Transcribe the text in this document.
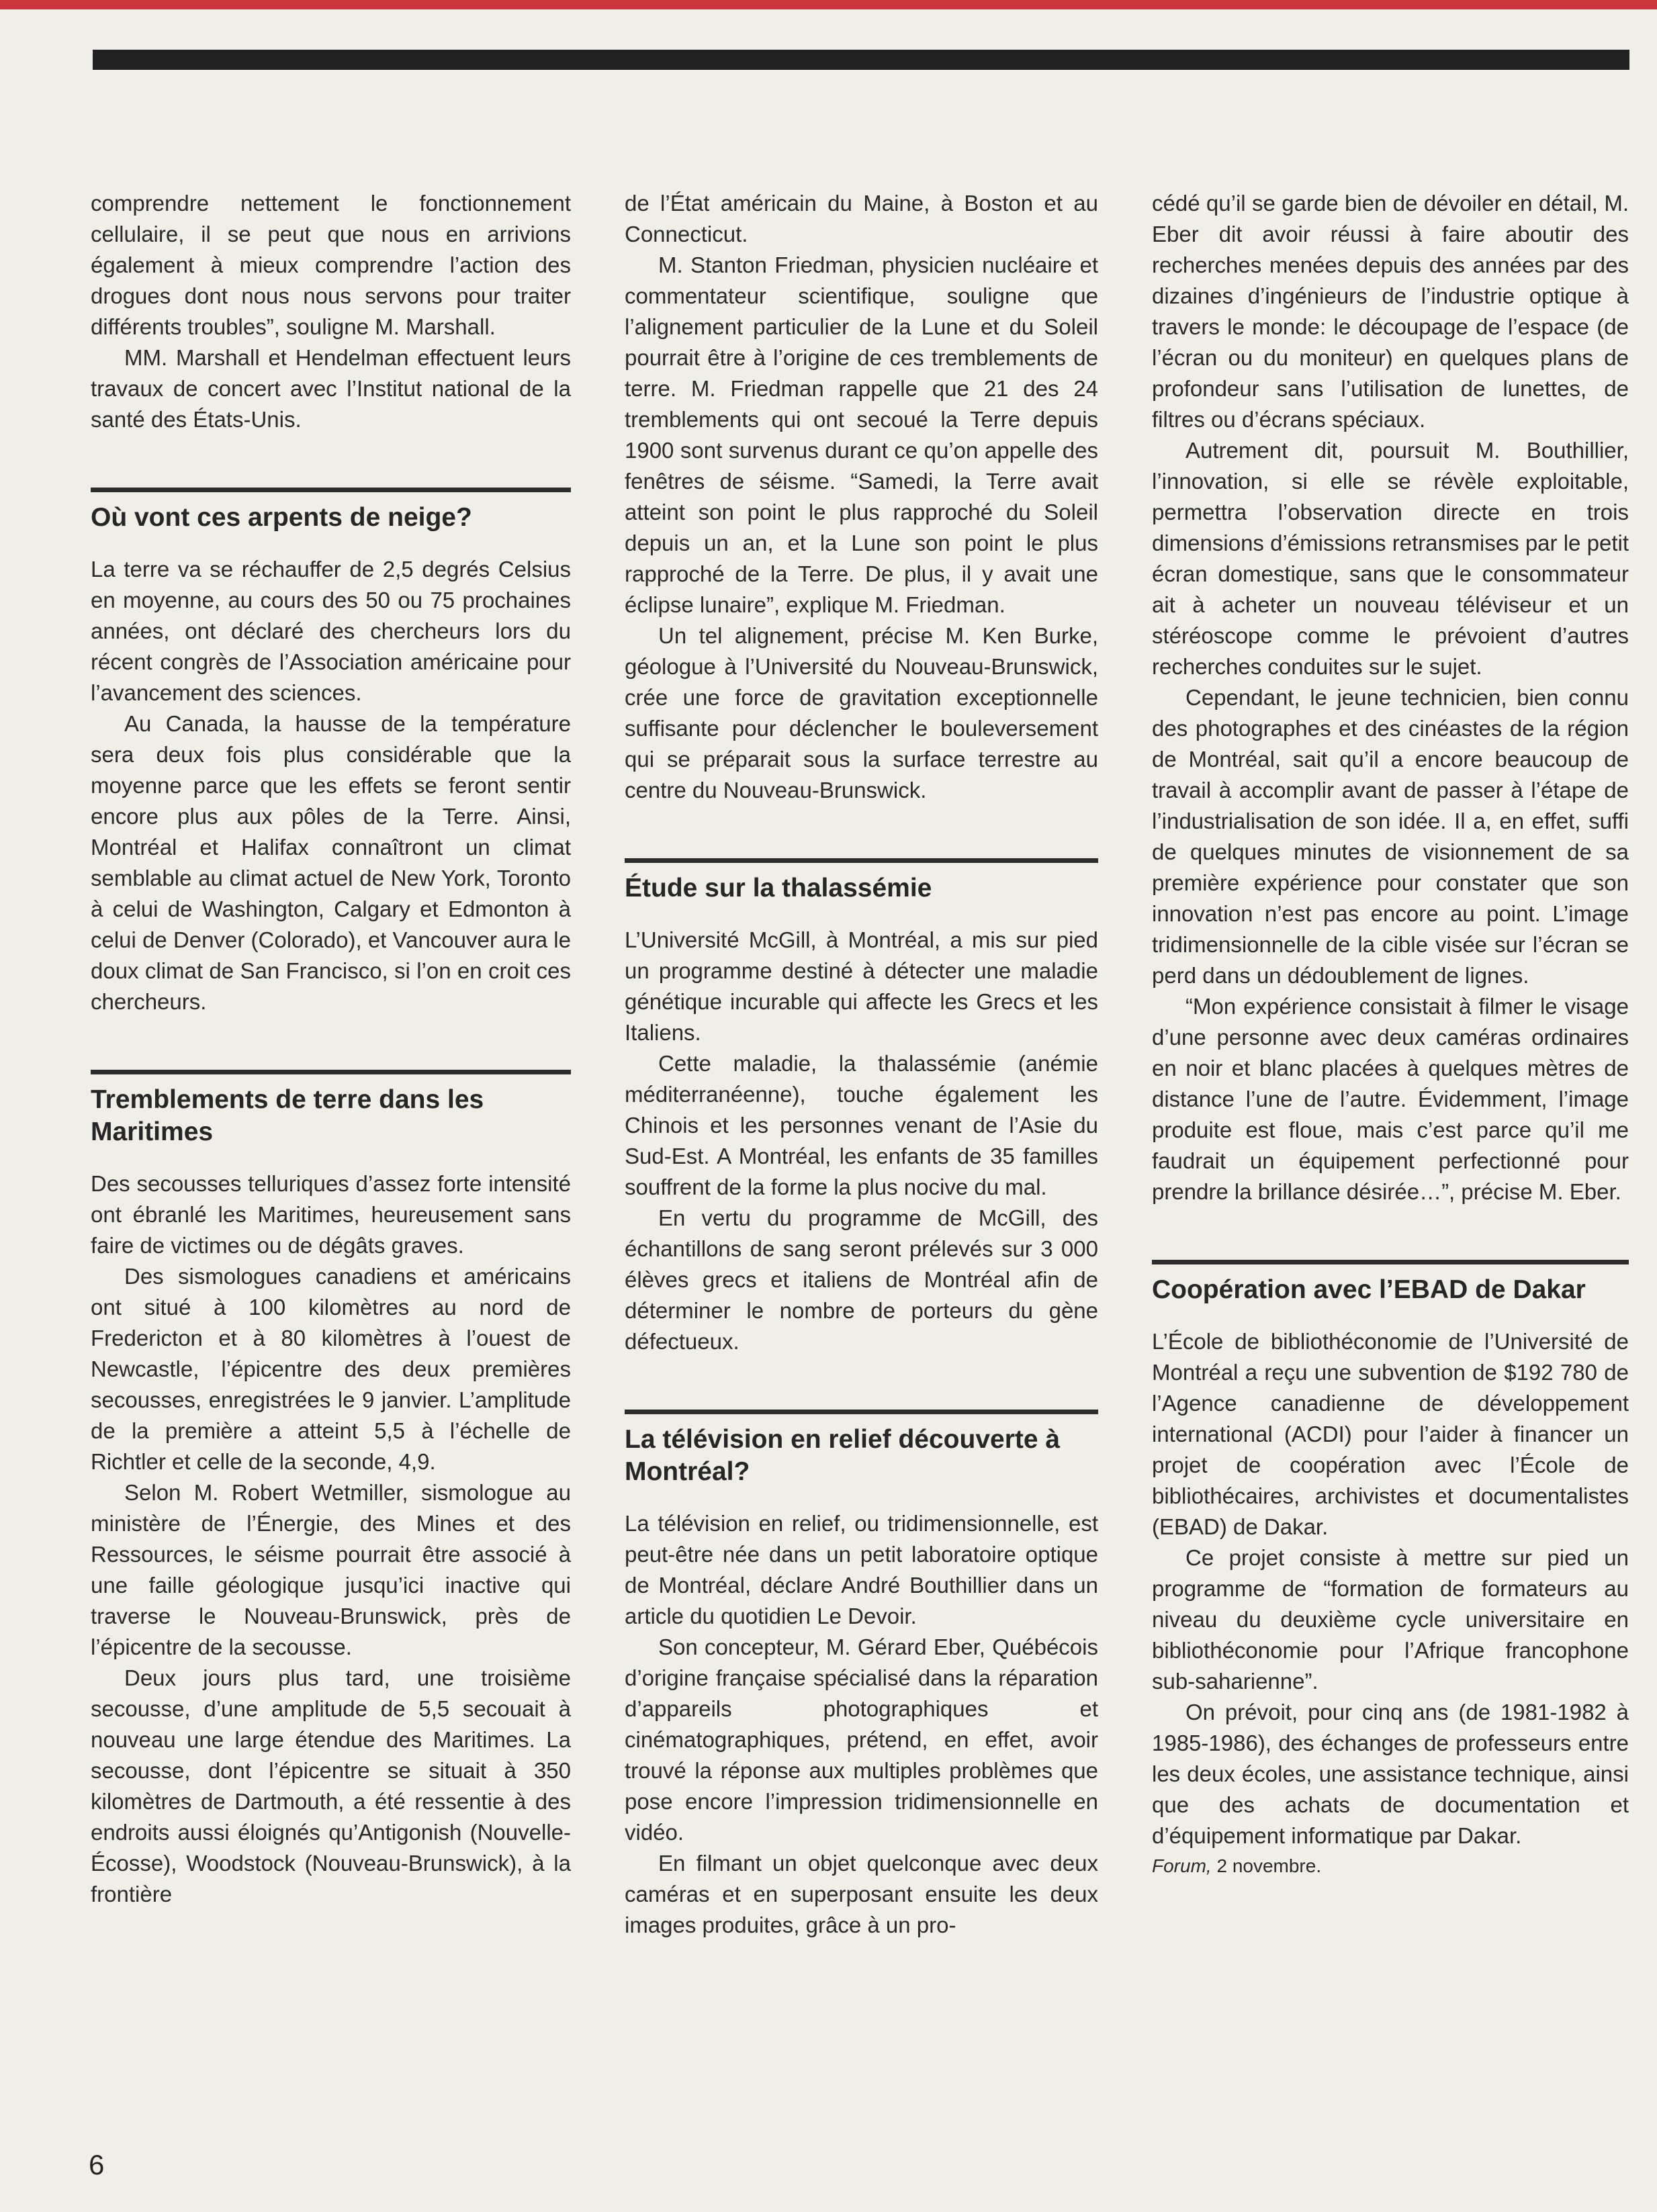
comprendre nettement le fonctionnement cellulaire, il se peut que nous en arrivions également à mieux comprendre l’action des drogues dont nous nous servons pour traiter différents troubles”, souligne M. Marshall.

MM. Marshall et Hendelman effectuent leurs travaux de concert avec l’Institut national de la santé des États-Unis.

Où vont ces arpents de neige?

La terre va se réchauffer de 2,5 degrés Celsius en moyenne, au cours des 50 ou 75 prochaines années, ont déclaré des chercheurs lors du récent congrès de l’Association américaine pour l’avancement des sciences.

Au Canada, la hausse de la température sera deux fois plus considérable que la moyenne parce que les effets se feront sentir encore plus aux pôles de la Terre. Ainsi, Montréal et Halifax connaîtront un climat semblable au climat actuel de New York, Toronto à celui de Washington, Calgary et Edmonton à celui de Denver (Colorado), et Vancouver aura le doux climat de San Francisco, si l’on en croit ces chercheurs.

Tremblements de terre dans les Maritimes

Des secousses telluriques d’assez forte intensité ont ébranlé les Maritimes, heureusement sans faire de victimes ou de dégâts graves.

Des sismologues canadiens et américains ont situé à 100 kilomètres au nord de Fredericton et à 80 kilomètres à l’ouest de Newcastle, l’épicentre des deux premières secousses, enregistrées le 9 janvier. L’amplitude de la première a atteint 5,5 à l’échelle de Richtler et celle de la seconde, 4,9.

Selon M. Robert Wetmiller, sismologue au ministère de l’Énergie, des Mines et des Ressources, le séisme pourrait être associé à une faille géologique jusqu’ici inactive qui traverse le Nouveau-Brunswick, près de l’épicentre de la secousse.

Deux jours plus tard, une troisième secousse, d’une amplitude de 5,5 secouait à nouveau une large étendue des Maritimes. La secousse, dont l’épicentre se situait à 350 kilomètres de Dartmouth, a été ressentie à des endroits aussi éloignés qu’Antigonish (Nouvelle-Écosse), Woodstock (Nouveau-Brunswick), à la frontière

de l’État américain du Maine, à Boston et au Connecticut.

M. Stanton Friedman, physicien nucléaire et commentateur scientifique, souligne que l’alignement particulier de la Lune et du Soleil pourrait être à l’origine de ces tremblements de terre. M. Friedman rappelle que 21 des 24 tremblements qui ont secoué la Terre depuis 1900 sont survenus durant ce qu’on appelle des fenêtres de séisme. “Samedi, la Terre avait atteint son point le plus rapproché du Soleil depuis un an, et la Lune son point le plus rapproché de la Terre. De plus, il y avait une éclipse lunaire”, explique M. Friedman.

Un tel alignement, précise M. Ken Burke, géologue à l’Université du Nouveau-Brunswick, crée une force de gravitation exceptionnelle suffisante pour déclencher le bouleversement qui se préparait sous la surface terrestre au centre du Nouveau-Brunswick.

Étude sur la thalassémie

L’Université McGill, à Montréal, a mis sur pied un programme destiné à détecter une maladie génétique incurable qui affecte les Grecs et les Italiens.

Cette maladie, la thalassémie (anémie méditerranéenne), touche également les Chinois et les personnes venant de l’Asie du Sud-Est. A Montréal, les enfants de 35 familles souffrent de la forme la plus nocive du mal.

En vertu du programme de McGill, des échantillons de sang seront prélevés sur 3 000 élèves grecs et italiens de Montréal afin de déterminer le nombre de porteurs du gène défectueux.

La télévision en relief découverte à Montréal?

La télévision en relief, ou tridimensionnelle, est peut-être née dans un petit laboratoire optique de Montréal, déclare André Bouthillier dans un article du quotidien Le Devoir.

Son concepteur, M. Gérard Eber, Québécois d’origine française spécialisé dans la réparation d’appareils photographiques et cinématographiques, prétend, en effet, avoir trouvé la réponse aux multiples problèmes que pose encore l’impression tridimensionnelle en vidéo.

En filmant un objet quelconque avec deux caméras et en superposant ensuite les deux images produites, grâce à un pro-

cédé qu’il se garde bien de dévoiler en détail, M. Eber dit avoir réussi à faire aboutir des recherches menées depuis des années par des dizaines d’ingénieurs de l’industrie optique à travers le monde: le découpage de l’espace (de l’écran ou du moniteur) en quelques plans de profondeur sans l’utilisation de lunettes, de filtres ou d’écrans spéciaux.

Autrement dit, poursuit M. Bouthillier, l’innovation, si elle se révèle exploitable, permettra l’observation directe en trois dimensions d’émissions retransmises par le petit écran domestique, sans que le consommateur ait à acheter un nouveau téléviseur et un stéréoscope comme le prévoient d’autres recherches conduites sur le sujet.

Cependant, le jeune technicien, bien connu des photographes et des cinéastes de la région de Montréal, sait qu’il a encore beaucoup de travail à accomplir avant de passer à l’étape de l’industrialisation de son idée. Il a, en effet, suffi de quelques minutes de visionnement de sa première expérience pour constater que son innovation n’est pas encore au point. L’image tridimensionnelle de la cible visée sur l’écran se perd dans un dédoublement de lignes.

“Mon expérience consistait à filmer le visage d’une personne avec deux caméras ordinaires en noir et blanc placées à quelques mètres de distance l’une de l’autre. Évidemment, l’image produite est floue, mais c’est parce qu’il me faudrait un équipement perfectionné pour prendre la brillance désirée…”, précise M. Eber.

Coopération avec l’EBAD de Dakar

L’École de bibliothéconomie de l’Université de Montréal a reçu une subvention de $192 780 de l’Agence canadienne de développement international (ACDI) pour l’aider à financer un projet de coopération avec l’École de bibliothécaires, archivistes et documentalistes (EBAD) de Dakar.

Ce projet consiste à mettre sur pied un programme de “formation de formateurs au niveau du deuxième cycle universitaire en bibliothéconomie pour l’Afrique francophone sub-saharienne”.

On prévoit, pour cinq ans (de 1981-1982 à 1985-1986), des échanges de professeurs entre les deux écoles, une assistance technique, ainsi que des achats de documentation et d’équipement informatique par Dakar.

Forum, 2 novembre.

6
